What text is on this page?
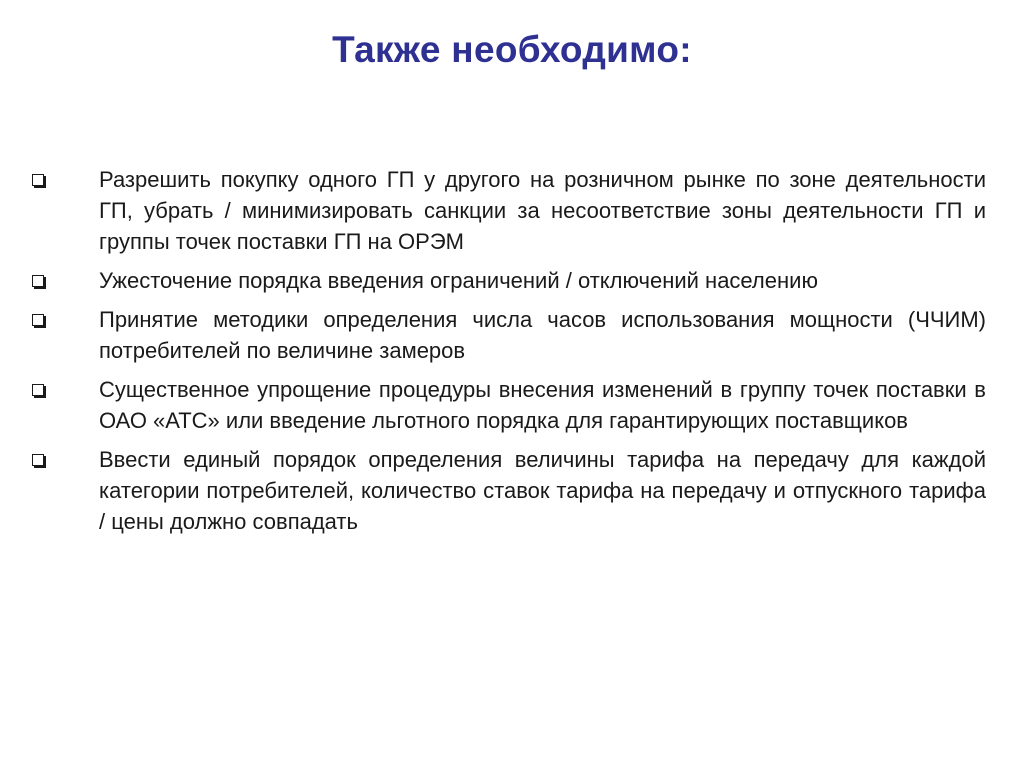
Также необходимо:
Разрешить покупку одного ГП у другого на розничном рынке по зоне деятельности ГП, убрать / минимизировать санкции за несоответствие зоны деятельности ГП и группы точек поставки ГП на ОРЭМ
Ужесточение порядка введения ограничений / отключений населению
Принятие методики определения числа часов использования мощности (ЧЧИМ) потребителей по величине замеров
Существенное упрощение процедуры внесения изменений в группу точек поставки в ОАО «АТС» или введение льготного порядка для гарантирующих поставщиков
Ввести единый порядок определения величины тарифа на передачу для каждой категории потребителей, количество ставок тарифа на передачу и отпускного тарифа / цены должно совпадать
